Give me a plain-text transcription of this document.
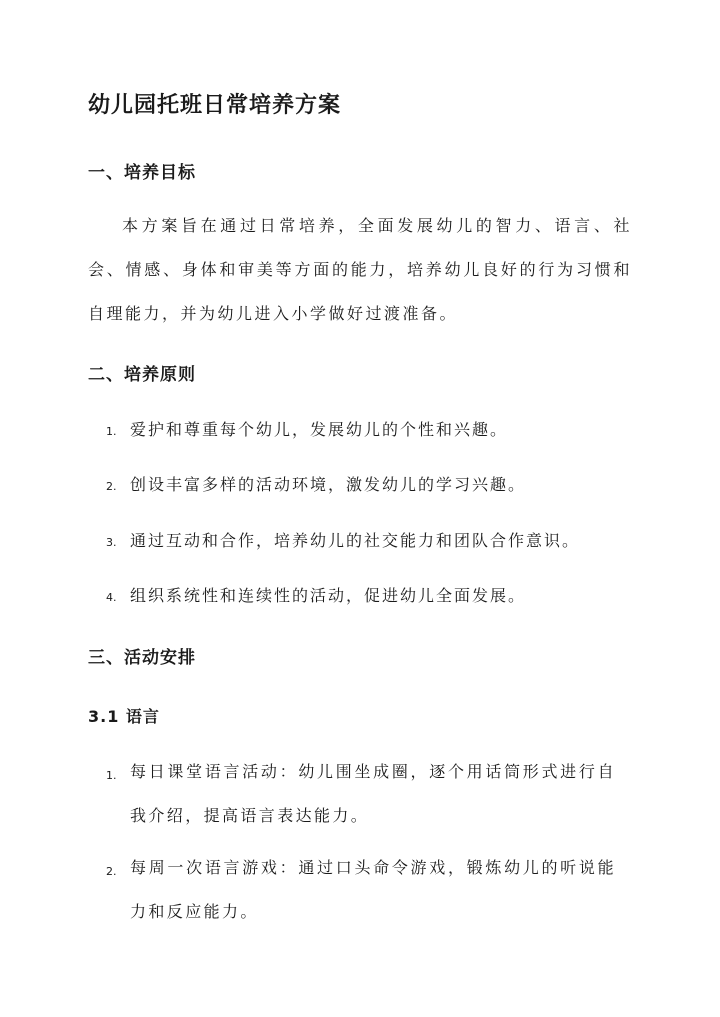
幼儿园托班日常培养方案
一、培养目标

本方案旨在通过日常培养，全面发展幼儿的智力、语言、社会、情感、身体和审美等方面的能力，培养幼儿良好的行为习惯和自理能力，并为幼儿进入小学做好过渡准备。

二、培养原则
1. 爱护和尊重每个幼儿，发展幼儿的个性和兴趣。
2. 创设丰富多样的活动环境，激发幼儿的学习兴趣。
3. 通过互动和合作，培养幼儿的社交能力和团队合作意识。
4. 组织系统性和连续性的活动，促进幼儿全面发展。
三、活动安排
3.1 语言
1. 每日课堂语言活动：幼儿围坐成圈，逐个用话筒形式进行自我介绍，提高语言表达能力。
2. 每周一次语言游戏：通过口头命令游戏，锻炼幼儿的听说能力和反应能力。
